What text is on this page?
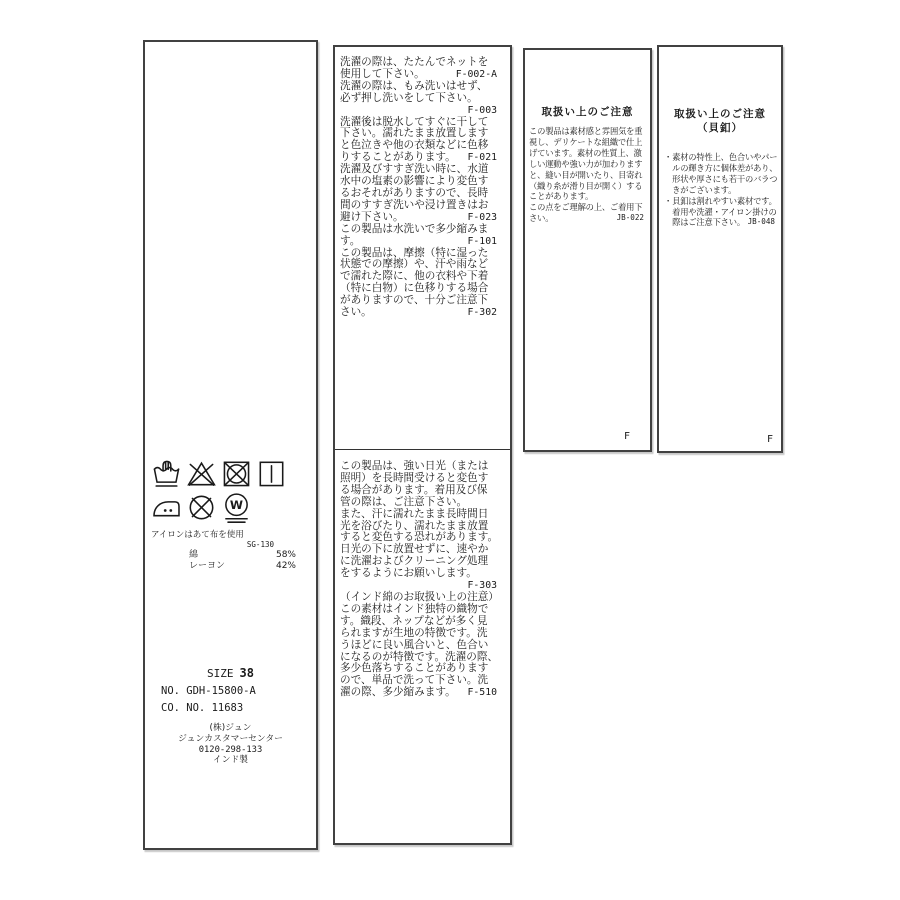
W
アイロンはあて布を使用
SG-130
綿	58%
レーヨン	42%
SIZE 38
NO. GDH-15800-A
CO. NO. 11683
(株)ジュン
ジュンカスタマーセンター
0120-298-133
インド製
洗濯の際は、たたんでネットを
使用して下さい。	F-002-A
洗濯の際は、もみ洗いはせず、
必ず押し洗いをして下さい。
F-003
洗濯後は脱水してすぐに干して
下さい。濡れたまま放置します
と色泣きや他の衣類などに色移
りすることがあります。 F-021
洗濯及びすすぎ洗い時に、水道
水中の塩素の影響により変色す
るおそれがありますので、長時
間のすすぎ洗いや浸け置きはお
避け下さい。	F-023
この製品は水洗いで多少縮みま
す。	F-101
この製品は、摩擦（特に湿った
状態での摩擦）や、汗や雨など
で濡れた際に、他の衣料や下着
（特に白物）に色移りする場合
がありますので、十分ご注意下
さい。	F-302
この製品は、強い日光（または
照明）を長時間受けると変色す
る場合があります。着用及び保
管の際は、ご注意下さい。
また、汗に濡れたまま長時間日
光を浴びたり、濡れたまま放置
すると変色する恐れがあります。
日光の下に放置せずに、速やか
に洗濯およびクリーニング処理
をするようにお願いします。
F-303
（インド綿のお取扱い上の注意）
この素材はインド独特の織物で
す。織段、ネップなどが多く見
られますが生地の特徴です。洗
うほどに良い風合いと、色合い
になるのが特徴です。洗濯の際、
多少色落ちすることがあります
ので、単品で洗って下さい。洗
濯の際、多少縮みます。 F-510
取扱い上のご注意
この製品は素材感と雰囲気を重
視し、デリケートな組織で仕上
げています。素材の性質上、激
しい運動や強い力が加わります
と、縫い目が開いたり、目寄れ
（織り糸が滑り目が開く）する
ことがあります。
この点をご理解の上、ご着用下
さい。	JB-022
F
取扱い上のご注意
（貝釦）
・素材の特性上、色合いやパー
　ルの輝き方に個体差があり、
　形状や厚さにも若干のバラつ
　きがございます。
・貝釦は割れやすい素材です。
　着用や洗濯・アイロン掛けの
　際はご注意下さい。 JB-048
F
